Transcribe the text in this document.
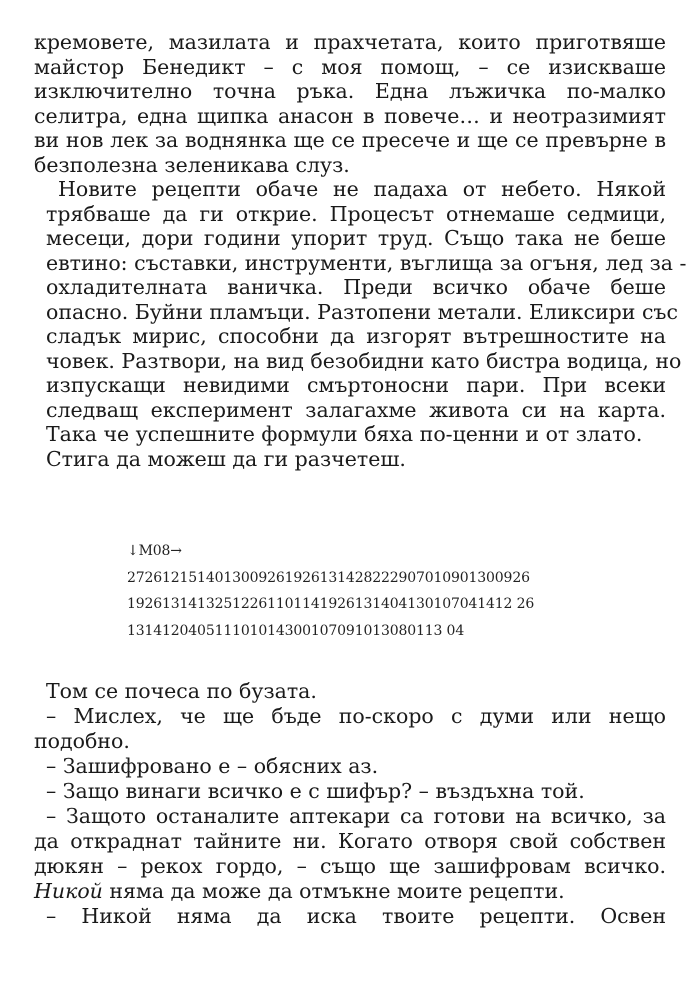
кремовете, мазилата и прахчетата, които приготвяше
майстор Бенедикт – с моя помощ, – се изискваше
изключително точна ръка. Една лъжичка по-малко
селитра, една щипка анасон в повече… и неотразимият
ви нов лек за воднянка ще се пресече и ще се превърне в
безполезна зеленикава слуз.
Новите рецепти обаче не падаха от небето. Някой
трябваше да ги открие. Процесът отнемаше седмици,
месеци, дори години упорит труд. Също така не беше
евтино: съставки, инструменти, въглища за огъня, лед за -
охладителната ваничка. Преди всичко обаче беше
опасно. Буйни пламъци. Разтопени метали. Еликсири със
сладък мирис, способни да изгорят вътрешностите на
човек. Разтвори, на вид безобидни като бистра водица, но
изпускащи невидими смъртоносни пари. При всеки
следващ експеримент залагахме живота си на карта.
Така че успешните формули бяха по-ценни и от злато.
Стига да можеш да ги разчетеш.
↓M08→
2726121514013009261926131428222907010901300926
19261314132512261101141926131404130107041412 26
131412040511101014300107091013080113 04
Том се почеса по бузата.
– Мислех, че ще бъде по-скоро с думи или нещо
подобно.
– Зашифровано е – обясних аз.
– Защо винаги всичко е с шифър? – въздъхна той.
– Защото останалите аптекари са готови на всичко, за
да откраднат тайните ни. Когато отворя свой собствен
дюкян – рекох гордо, – също ще зашифровам всичко.
Никой няма да може да отмъкне моите рецепти.
– Никой няма да иска твоите рецепти. Освен
